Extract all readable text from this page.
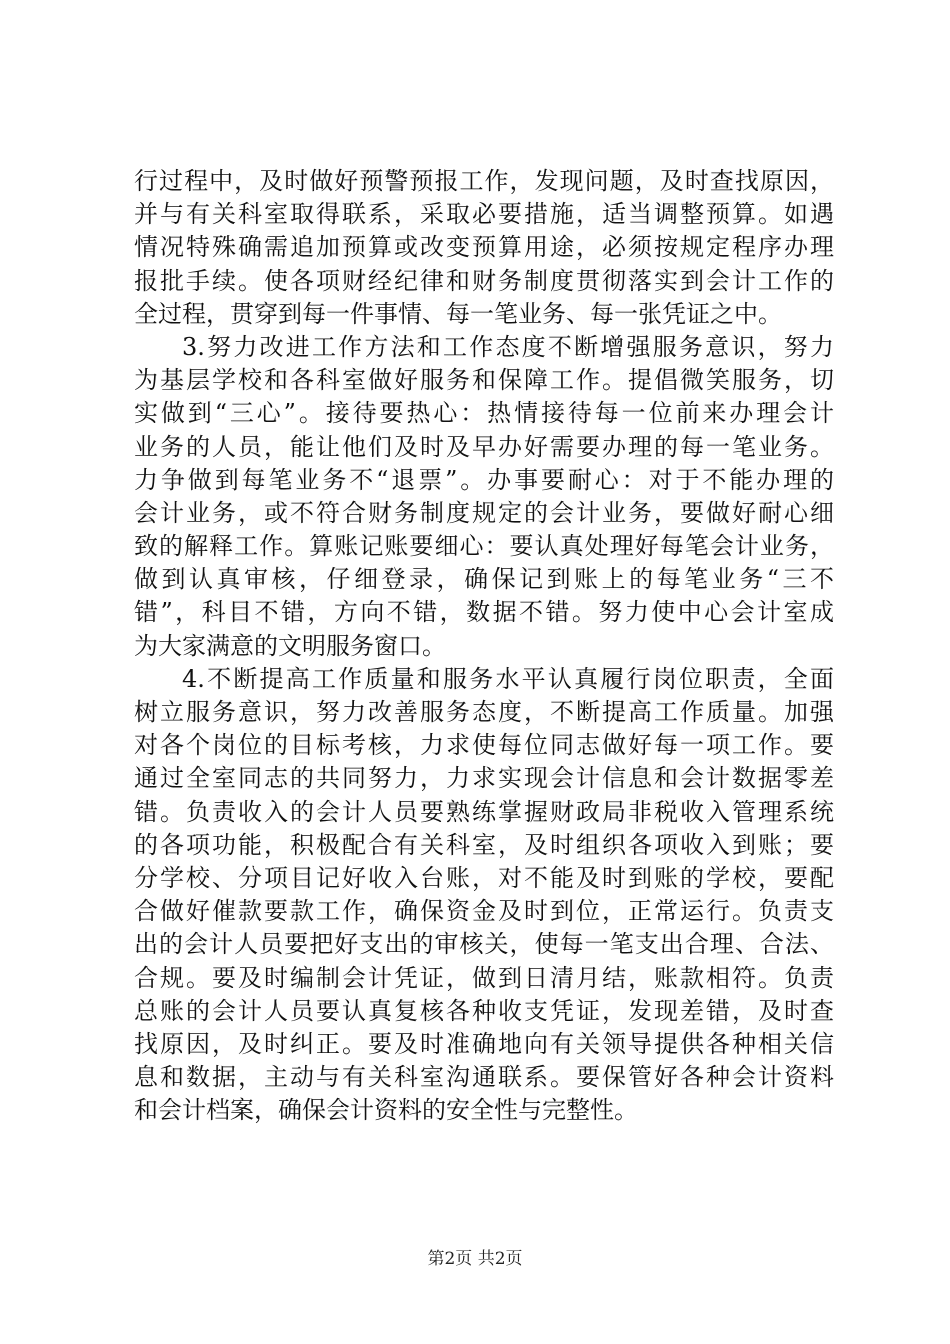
行过程中，及时做好预警预报工作，发现问题，及时查找原因，
并与有关科室取得联系，采取必要措施，适当调整预算。如遇
情况特殊确需追加预算或改变预算用途，必须按规定程序办理
报批手续。使各项财经纪律和财务制度贯彻落实到会计工作的
全过程，贯穿到每一件事情、每一笔业务、每一张凭证之中。
3.努力改进工作方法和工作态度不断增强服务意识，努力
为基层学校和各科室做好服务和保障工作。提倡微笑服务，切
实做到“三心”。接待要热心：热情接待每一位前来办理会计
业务的人员，能让他们及时及早办好需要办理的每一笔业务。
力争做到每笔业务不“退票”。办事要耐心：对于不能办理的
会计业务，或不符合财务制度规定的会计业务，要做好耐心细
致的解释工作。算账记账要细心：要认真处理好每笔会计业务，
做到认真审核，仔细登录，确保记到账上的每笔业务“三不
错”，科目不错，方向不错，数据不错。努力使中心会计室成
为大家满意的文明服务窗口。
4.不断提高工作质量和服务水平认真履行岗位职责，全面
树立服务意识，努力改善服务态度，不断提高工作质量。加强
对各个岗位的目标考核，力求使每位同志做好每一项工作。要
通过全室同志的共同努力，力求实现会计信息和会计数据零差
错。负责收入的会计人员要熟练掌握财政局非税收入管理系统
的各项功能，积极配合有关科室，及时组织各项收入到账；要
分学校、分项目记好收入台账，对不能及时到账的学校，要配
合做好催款要款工作，确保资金及时到位，正常运行。负责支
出的会计人员要把好支出的审核关，使每一笔支出合理、合法、
合规。要及时编制会计凭证，做到日清月结，账款相符。负责
总账的会计人员要认真复核各种收支凭证，发现差错，及时查
找原因，及时纠正。要及时准确地向有关领导提供各种相关信
息和数据，主动与有关科室沟通联系。要保管好各种会计资料
和会计档案，确保会计资料的安全性与完整性。
第2页 共2页
